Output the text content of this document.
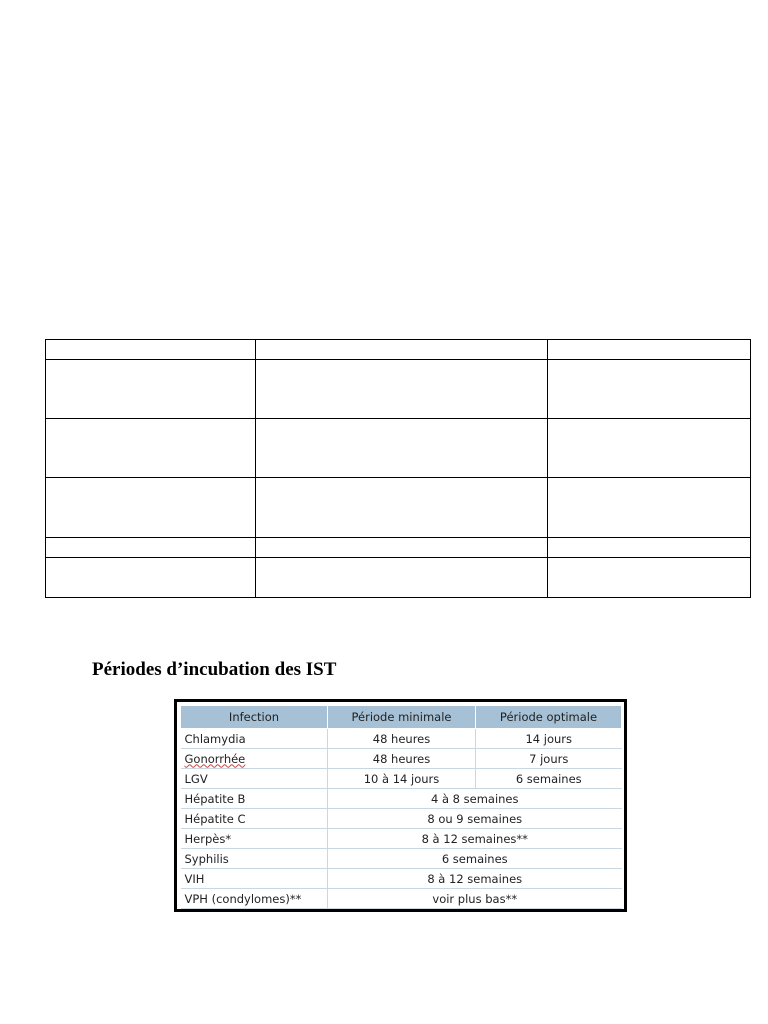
Périodes d’incubation des IST
Infection	Période minimale	Période optimale
Chlamydia	48 heures	14 jours
Gonorrhée	48 heures	7 jours
LGV	10 à 14 jours	6 semaines
Hépatite B	4 à 8 semaines	
Hépatite C	8 ou 9 semaines	
Herpès*	8 à 12 semaines**	
Syphilis	6 semaines	
VIH	8 à 12 semaines	
VPH (condylomes)**	voir plus bas**	
